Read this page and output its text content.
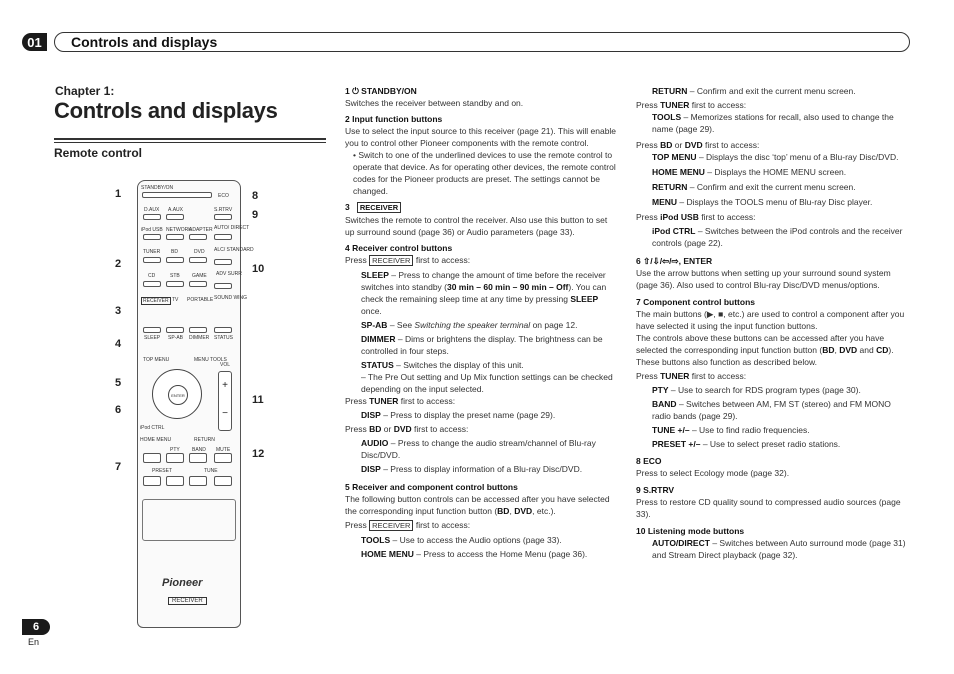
01	Controls and displays
Chapter 1:
Controls and displays
Remote control
1
2
3
4
5
6
7
8
9
10
11
12
STANDBY/ON
ECO
D.AUX A.AUX	S.RTRV
iPod USB NETWORK
ADAPTER AUTO/ DIRECT
TUNER BD	DVD ALC/ STANDARD
CD	STB GAME ADV SURR
RECEIVER TV PORTABLE SOUND WING
SLEEP SP-AB DIMMER STATUS
TOP MENU	MENU TOOLS
VOL
+
−
ENTER
iPod CTRL
HOME MENU	RETURN
PTY BAND MUTE
PRESET	TUNE
Pioneer
RECEIVER

1 ⏻ STANDBY/ON

Switches the receiver between standby and on.

2 Input function buttons

Use to select the input source to this receiver (page 21). This will enable you to control other Pioneer components with the remote control.

• Switch to one of the underlined devices to use the remote control to operate that device. As for operating other devices, the remote control codes for the Pioneer products are preset. The settings cannot be changed.

3 RECEIVER

Switches the remote to control the receiver. Also use this button to set up surround sound (page 36) or Audio parameters (page 33).

4 Receiver control buttons

Press RECEIVER first to access:

SLEEP – Press to change the amount of time before the receiver switches into standby (30 min – 60 min – 90 min – Off). You can check the remaining sleep time at any time by pressing SLEEP once.

SP-AB – See Switching the speaker terminal on page 12.

DIMMER – Dims or brightens the display. The brightness can be controlled in four steps.

STATUS – Switches the display of this unit.

– The Pre Out setting and Up Mix function settings can be checked depending on the input selected.

Press TUNER first to access:

DISP – Press to display the preset name (page 29).

Press BD or DVD first to access:

AUDIO – Press to change the audio stream/channel of Blu-ray Disc/DVD.

DISP – Press to display information of a Blu-ray Disc/DVD.

5 Receiver and component control buttons

The following button controls can be accessed after you have selected the corresponding input function button (BD, DVD, etc.).

Press RECEIVER first to access:

TOOLS – Use to access the Audio options (page 33).

HOME MENU – Press to access the Home Menu (page 36).

RETURN – Confirm and exit the current menu screen.

Press TUNER first to access:

TOOLS – Memorizes stations for recall, also used to change the name (page 29).

Press BD or DVD first to access:

TOP MENU – Displays the disc ‘top’ menu of a Blu-ray Disc/DVD.

HOME MENU – Displays the HOME MENU screen.

RETURN – Confirm and exit the current menu screen.

MENU – Displays the TOOLS menu of Blu-ray Disc player.

Press iPod USB first to access:

iPod CTRL – Switches between the iPod controls and the receiver controls (page 22).

6 ⇧/⇩/⇦/⇨, ENTER

Use the arrow buttons when setting up your surround sound system (page 36). Also used to control Blu-ray Disc/DVD menus/options.

7 Component control buttons

The main buttons (▶, ■, etc.) are used to control a component after you have selected it using the input function buttons.

The controls above these buttons can be accessed after you have selected the corresponding input function button (BD, DVD and CD). These buttons also function as described below.

Press TUNER first to access:

PTY – Use to search for RDS program types (page 30).

BAND – Switches between AM, FM ST (stereo) and FM MONO radio bands (page 29).

TUNE +/– – Use to find radio frequencies.

PRESET +/– – Use to select preset radio stations.

8 ECO

Press to select Ecology mode (page 32).

9 S.RTRV

Press to restore CD quality sound to compressed audio sources (page 33).

10 Listening mode buttons

AUTO/DIRECT – Switches between Auto surround mode (page 31) and Stream Direct playback (page 32).

6
En
